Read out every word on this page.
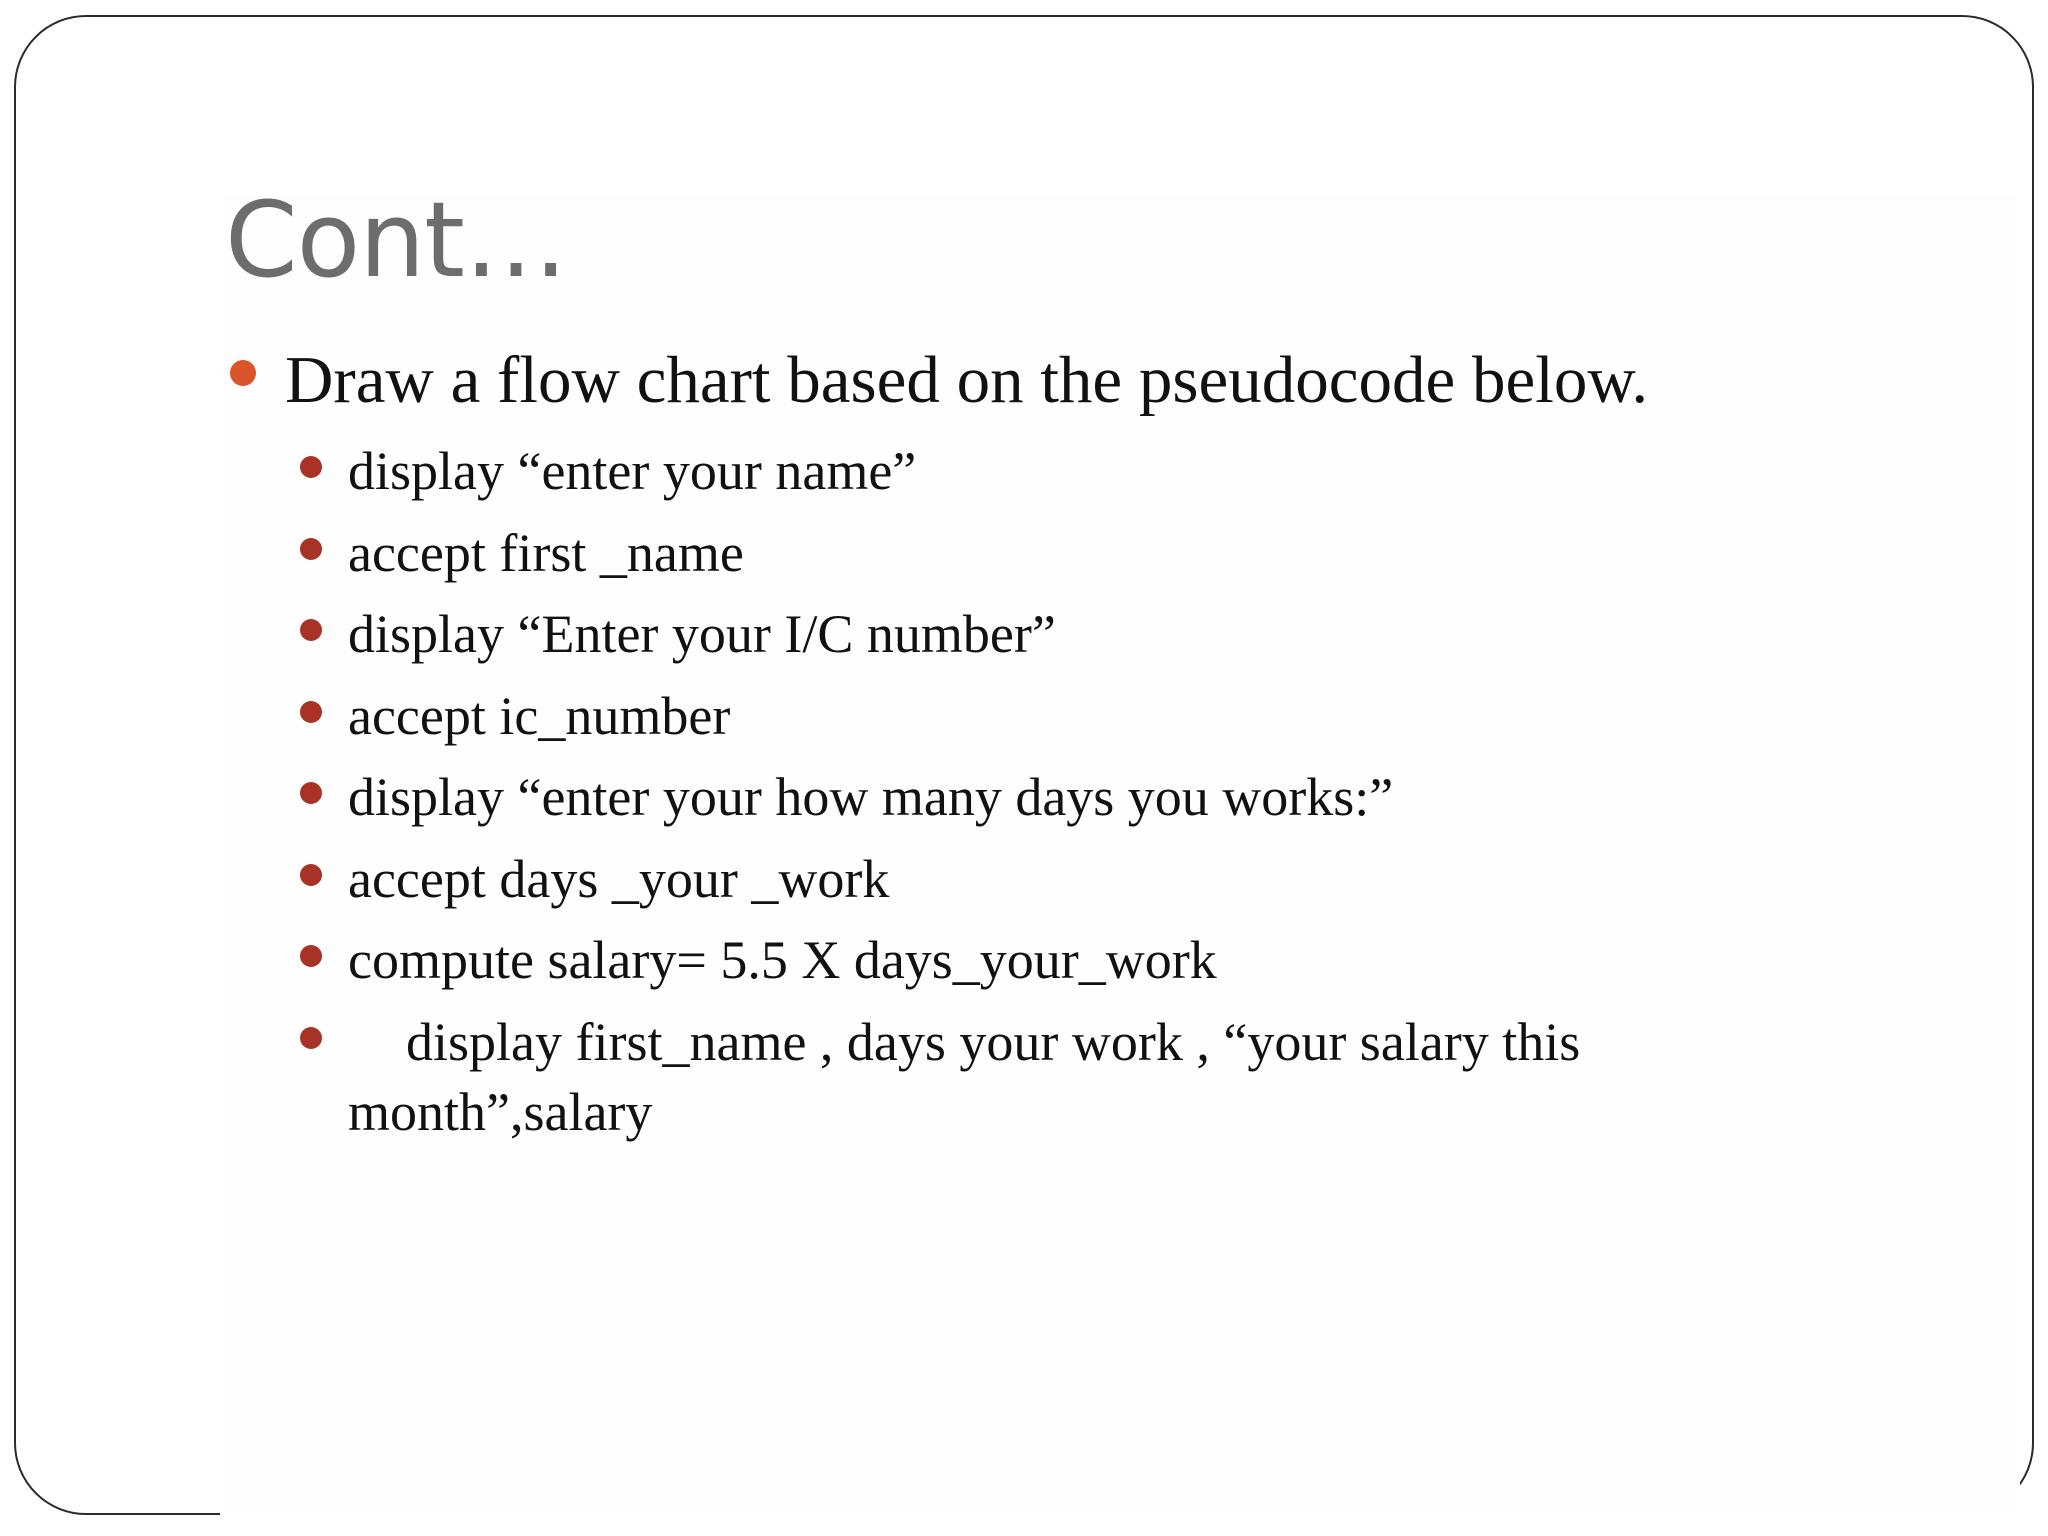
Cont…
Draw a flow chart based on the pseudocode below.
display “enter your name”
accept first _name
display “Enter your I/C number”
accept ic_number
display “enter your how many days you works:”
accept days _your _work
compute salary= 5.5 X days_your_work
display first_name , days your work , “your salary this month”,salary
